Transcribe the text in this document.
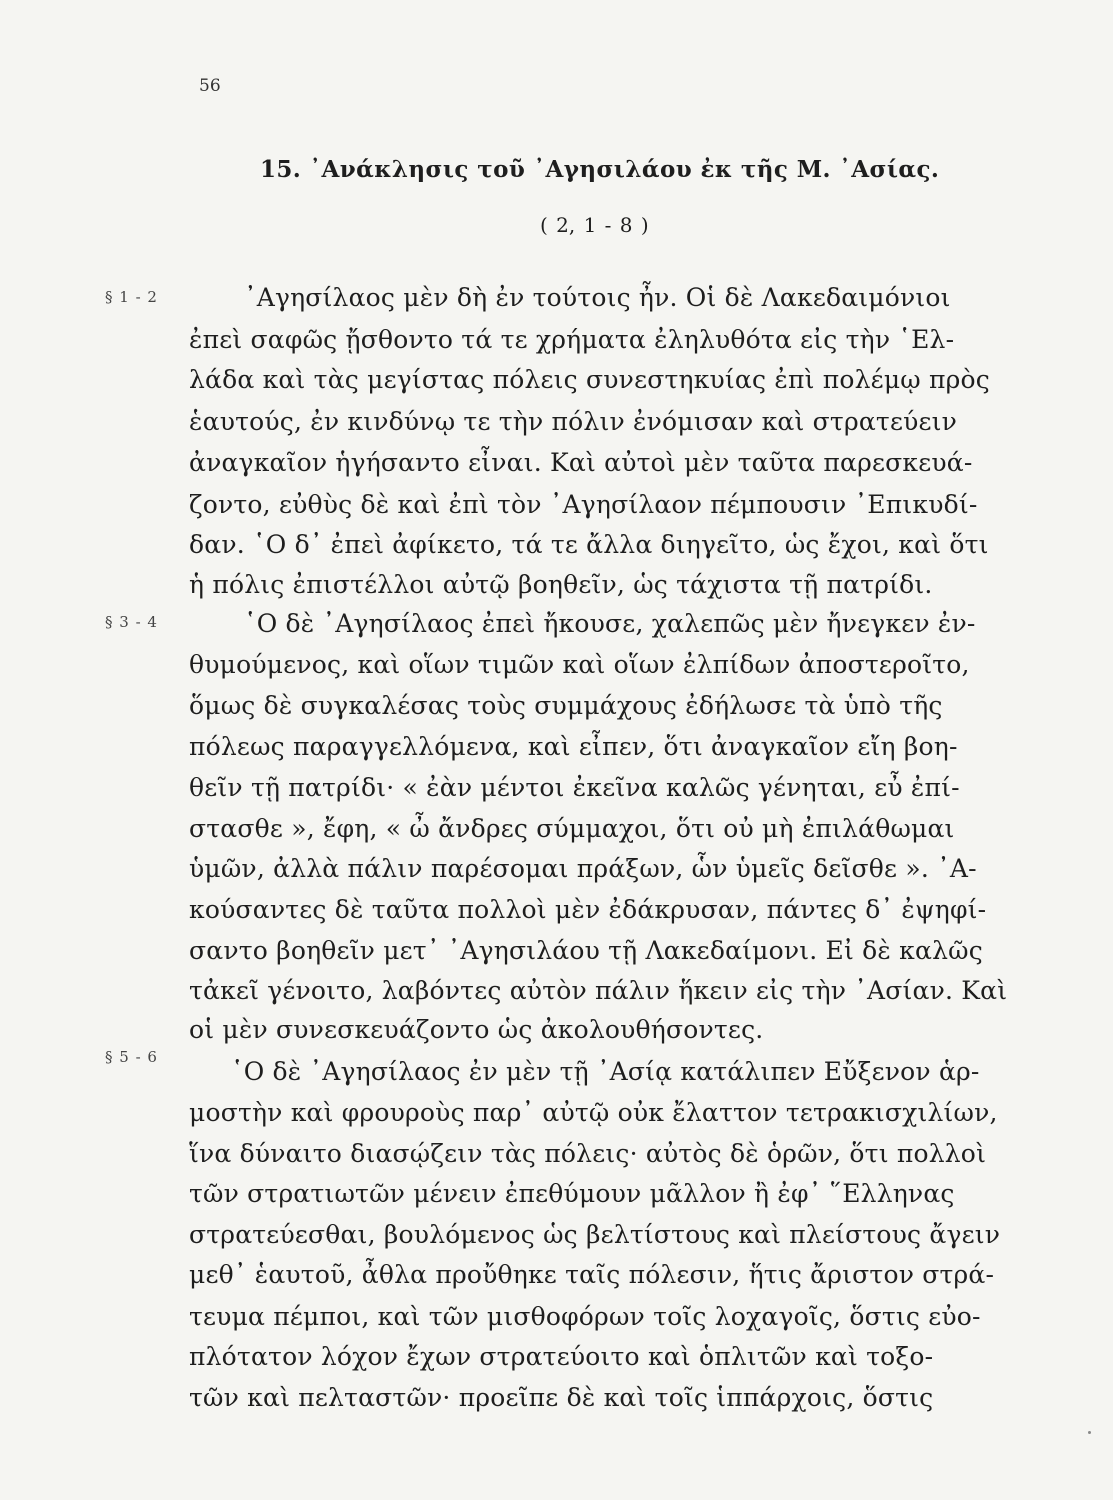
56
15. ᾿Ανάκλησις τοῦ ᾿Αγησιλάου ἐκ τῆς Μ. ᾿Ασίας.
( 2, 1 - 8 )
§ 1 - 2
§ 3 - 4
§ 5 - 6
᾿Αγησίλαος μὲν δὴ ἐν τούτοις ἦν. Οἱ δὲ Λακεδαιμόνιοι
ἐπεὶ σαφῶς ᾔσθοντο τά τε χρήματα ἐληλυθότα εἰς τὴν ῾Ελ-
λάδα καὶ τὰς μεγίστας πόλεις συνεστηκυίας ἐπὶ πολέμῳ πρὸς
ἑαυτούς, ἐν κινδύνῳ τε τὴν πόλιν ἐνόμισαν καὶ στρατεύειν
ἀναγκαῖον ἡγήσαντο εἶναι. Καὶ αὐτοὶ μὲν ταῦτα παρεσκευά-
ζοντο, εὐθὺς δὲ καὶ ἐπὶ τὸν ᾿Αγησίλαον πέμπουσιν ᾿Επικυδί-
δαν. ῾Ο δ᾿ ἐπεὶ ἀφίκετο, τά τε ἄλλα διηγεῖτο, ὡς ἔχοι, καὶ ὅτι
ἡ πόλις ἐπιστέλλοι αὐτῷ βοηθεῖν, ὡς τάχιστα τῇ πατρίδι.
῾Ο δὲ ᾿Αγησίλαος ἐπεὶ ἤκουσε, χαλεπῶς μὲν ἤνεγκεν ἐν-
θυμούμενος, καὶ οἵων τιμῶν καὶ οἵων ἐλπίδων ἀποστεροῖτο,
ὅμως δὲ συγκαλέσας τοὺς συμμάχους ἐδήλωσε τὰ ὑπὸ τῆς
πόλεως παραγγελλόμενα, καὶ εἶπεν, ὅτι ἀναγκαῖον εἴη βοη-
θεῖν τῇ πατρίδι· « ἐὰν μέντοι ἐκεῖνα καλῶς γένηται, εὖ ἐπί-
στασθε », ἔφη, « ὦ ἄνδρες σύμμαχοι, ὅτι οὐ μὴ ἐπιλάθωμαι
ὑμῶν, ἀλλὰ πάλιν παρέσομαι πράξων, ὧν ὑμεῖς δεῖσθε ». ᾿Α-
κούσαντες δὲ ταῦτα πολλοὶ μὲν ἐδάκρυσαν, πάντες δ᾿ ἐψηφί-
σαντο βοηθεῖν μετ᾿ ᾿Αγησιλάου τῇ Λακεδαίμονι. Εἰ δὲ καλῶς
τἀκεῖ γένοιτο, λαβόντες αὐτὸν πάλιν ἥκειν εἰς τὴν ᾿Ασίαν. Καὶ
οἱ μὲν συνεσκευάζοντο ὡς ἀκολουθήσοντες.
῾Ο δὲ ᾿Αγησίλαος ἐν μὲν τῇ ᾿Ασίᾳ κατάλιπεν Εὔξενον ἁρ-
μοστὴν καὶ φρουροὺς παρ᾿ αὐτῷ οὐκ ἔλαττον τετρακισχιλίων,
ἵνα δύναιτο διασῴζειν τὰς πόλεις· αὐτὸς δὲ ὁρῶν, ὅτι πολλοὶ
τῶν στρατιωτῶν μένειν ἐπεθύμουν μᾶλλον ἢ ἐφ᾿ ῞Ελληνας
στρατεύεσθαι, βουλόμενος ὡς βελτίστους καὶ πλείστους ἄγειν
μεθ᾿ ἑαυτοῦ, ἆθλα προὔθηκε ταῖς πόλεσιν, ἥτις ἄριστον στρά-
τευμα πέμποι, καὶ τῶν μισθοφόρων τοῖς λοχαγοῖς, ὅστις εὐο-
πλότατον λόχον ἔχων στρατεύοιτο καὶ ὁπλιτῶν καὶ τοξο-
τῶν καὶ πελταστῶν· προεῖπε δὲ καὶ τοῖς ἱππάρχοις, ὅστις
